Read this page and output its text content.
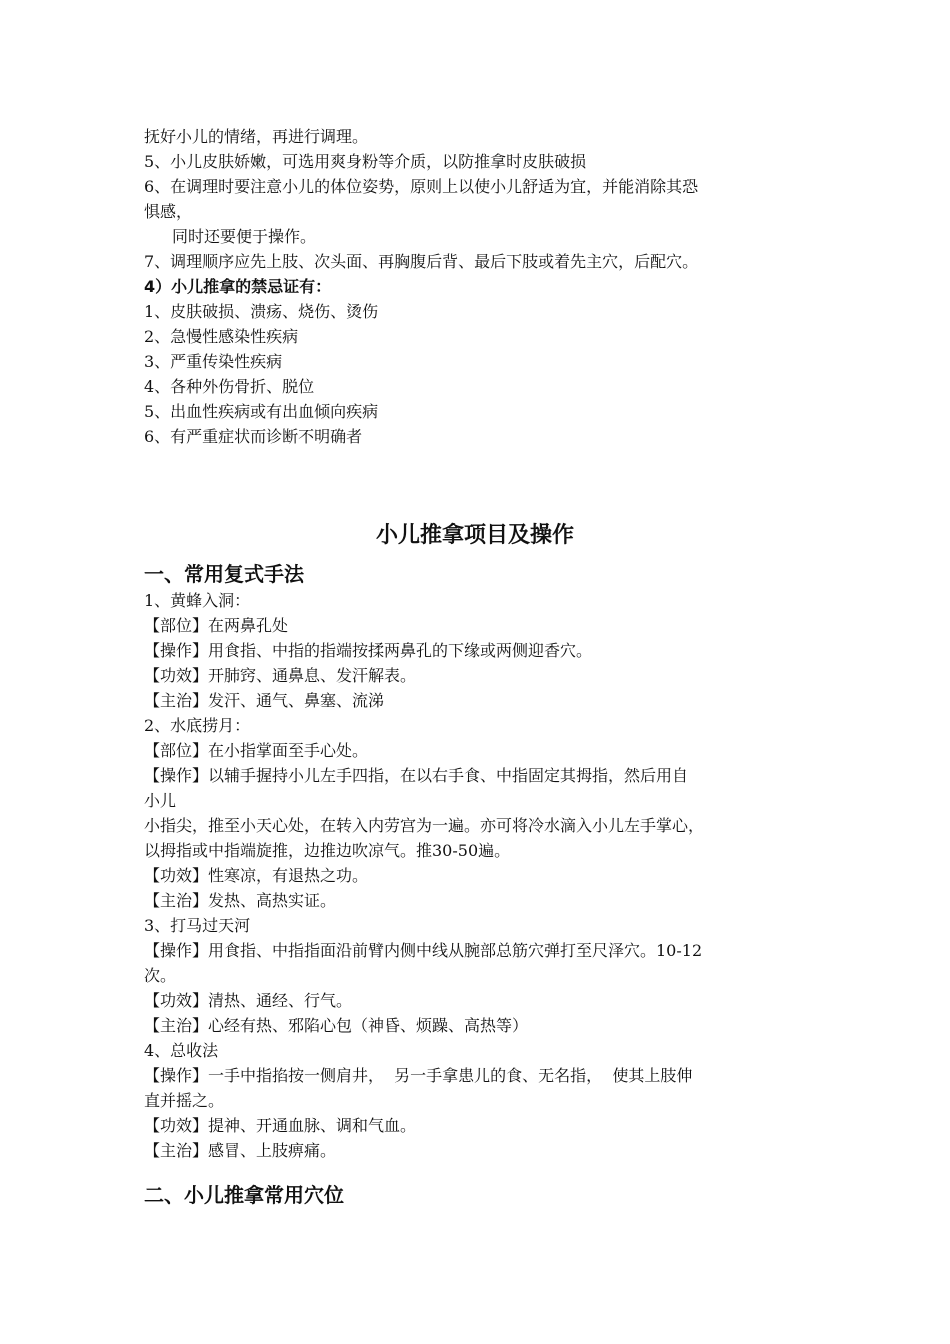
抚好小儿的情绪，再进行调理。

5、小儿皮肤娇嫩，可选用爽身粉等介质，以防推拿时皮肤破损

6、在调理时要注意小儿的体位姿势，原则上以使小儿舒适为宜，并能消除其恐

惧感，

同时还要便于操作。

7、调理顺序应先上肢、次头面、再胸腹后背、最后下肢或着先主穴，后配穴。

4）小儿推拿的禁忌证有：

1、皮肤破损、溃疡、烧伤、烫伤

2、急慢性感染性疾病

3、严重传染性疾病

4、各种外伤骨折、脱位

5、出血性疾病或有出血倾向疾病

6、有严重症状而诊断不明确者

小儿推拿项目及操作
一、常用复式手法

1、黄蜂入洞：

【部位】在两鼻孔处

【操作】用食指、中指的指端按揉两鼻孔的下缘或两侧迎香穴。

【功效】开肺窍、通鼻息、发汗解表。

【主治】发汗、通气、鼻塞、流涕

2、水底捞月：

【部位】在小指掌面至手心处。

【操作】以辅手握持小儿左手四指，在以右手食、中指固定其拇指，然后用自

小儿

小指尖，推至小天心处，在转入内劳宫为一遍。亦可将冷水滴入小儿左手掌心，

以拇指或中指端旋推，边推边吹凉气。推30-50遍。

【功效】性寒凉，有退热之功。

【主治】发热、高热实证。

3、打马过天河

【操作】用食指、中指指面沿前臂内侧中线从腕部总筋穴弹打至尺泽穴。10-12

次。

【功效】清热、通经、行气。

【主治】心经有热、邪陷心包（神昏、烦躁、高热等）

4、总收法

【操作】一手中指掐按一侧肩井，  另一手拿患儿的食、无名指，  使其上肢伸

直并摇之。

【功效】提神、开通血脉、调和气血。

【主治】感冒、上肢痹痛。

二、小儿推拿常用穴位
